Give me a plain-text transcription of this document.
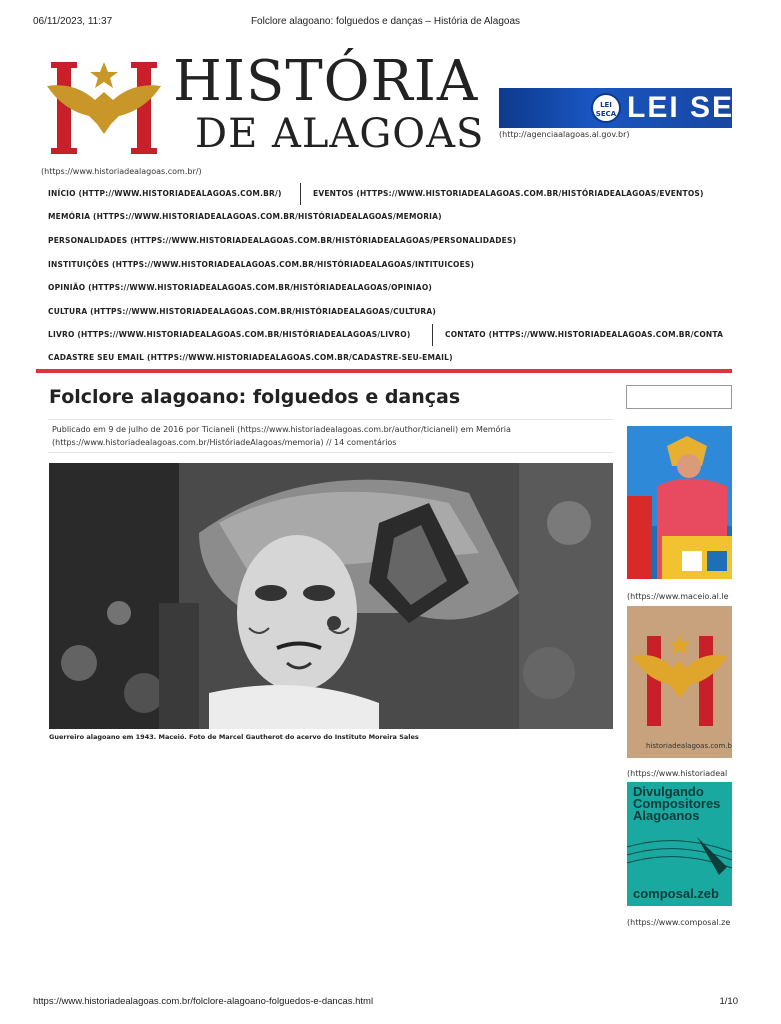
06/11/2023, 11:37	Folclore alagoano: folguedos e danças – História de Alagoas
HISTÓRIA
DE ALAGOAS
(https://www.historiadealagoas.com.br/)
LEI SECA LEI SECA
(http://agenciaalagoas.al.gov.br)
INÍCIO (HTTP://WWW.HISTORIADEALAGOAS.COM.BR/)	EVENTOS (HTTPS://WWW.HISTORIADEALAGOAS.COM.BR/HISTÓRIADEALAGOAS/EVENTOS)
MEMÓRIA (HTTPS://WWW.HISTORIADEALAGOAS.COM.BR/HISTÓRIADEALAGOAS/MEMORIA)
PERSONALIDADES (HTTPS://WWW.HISTORIADEALAGOAS.COM.BR/HISTÓRIADEALAGOAS/PERSONALIDADES)
INSTITUIÇÕES (HTTPS://WWW.HISTORIADEALAGOAS.COM.BR/HISTÓRIADEALAGOAS/INTITUICOES)
OPINIÃO (HTTPS://WWW.HISTORIADEALAGOAS.COM.BR/HISTÓRIADEALAGOAS/OPINIAO)
CULTURA (HTTPS://WWW.HISTORIADEALAGOAS.COM.BR/HISTÓRIADEALAGOAS/CULTURA)
LIVRO (HTTPS://WWW.HISTORIADEALAGOAS.COM.BR/HISTÓRIADEALAGOAS/LIVRO)	CONTATO (HTTPS://WWW.HISTORIADEALAGOAS.COM.BR/CONTA
CADASTRE SEU EMAIL (HTTPS://WWW.HISTORIADEALAGOAS.COM.BR/CADASTRE-SEU-EMAIL)
Folclore alagoano: folguedos e danças
Publicado em 9 de julho de 2016 por Ticianeli (https://www.historiadealagoas.com.br/author/ticianeli) em Memória
(https://www.historiadealagoas.com.br/HistóriadeAlagoas/memoria) // 14 comentários
Guerreiro alagoano em 1943. Maceió. Foto de Marcel Gautherot do acervo do Instituto Moreira Sales
(https://www.maceio.al.le
historiadealagoas.com.b
(https://www.historiadeal
Divulgando
Compositores
Alagoanos
composal.zeb
(https://www.composal.ze
https://www.historiadealagoas.com.br/folclore-alagoano-folguedos-e-dancas.html	1/10
